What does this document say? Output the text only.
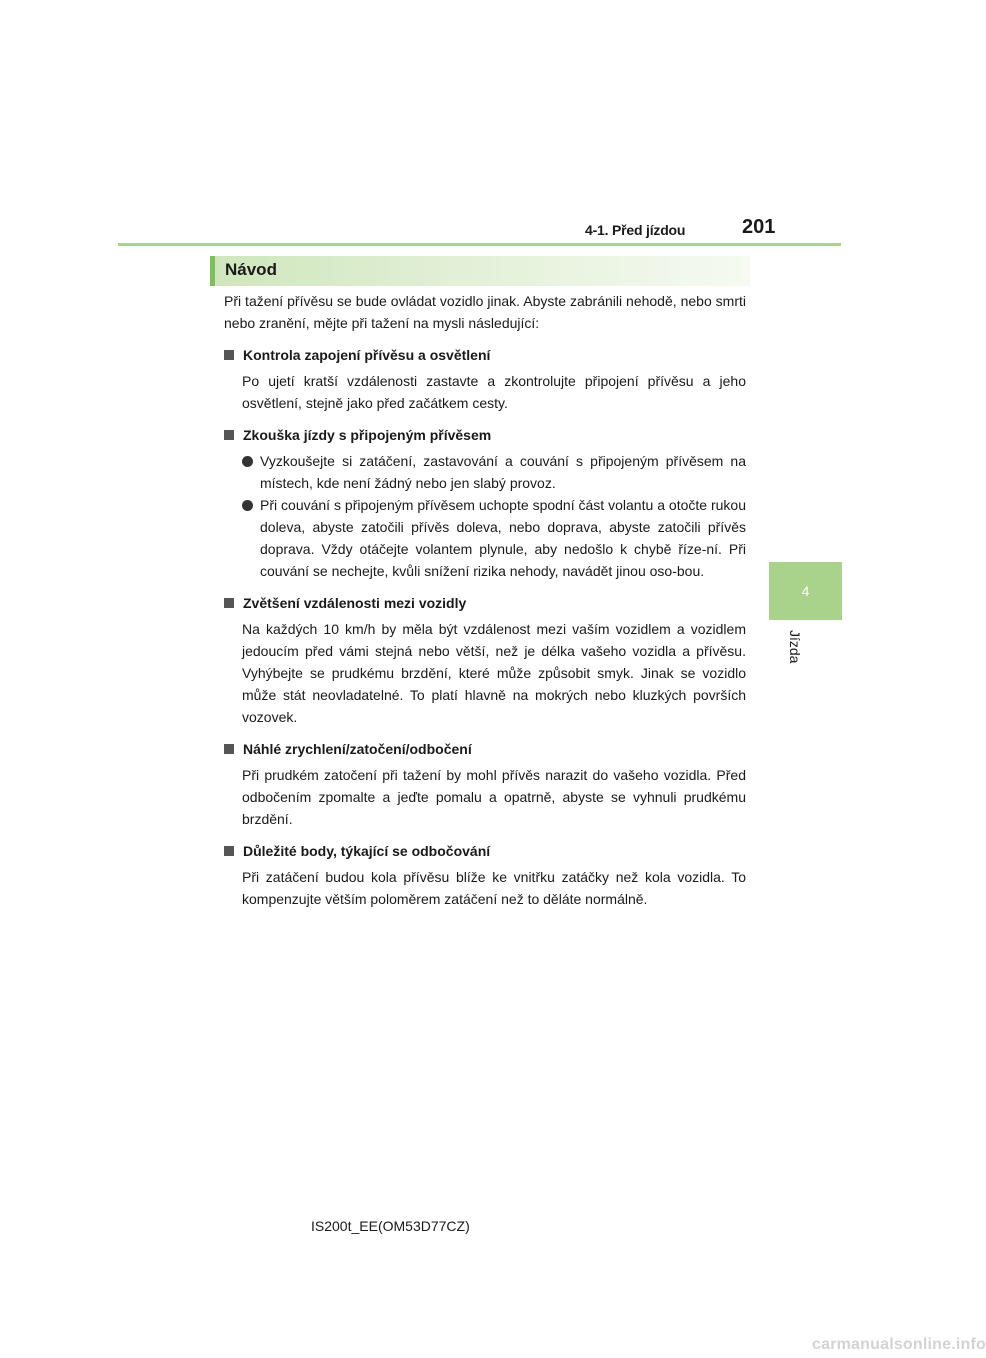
4-1. Před jízdou	201
4
Jízda
Návod

Při tažení přívěsu se bude ovládat vozidlo jinak. Abyste zabránili nehodě, nebo smrti nebo zranění, mějte při tažení na mysli následující:

Kontrola zapojení přívěsu a osvětlení

Po ujetí kratší vzdálenosti zastavte a zkontrolujte připojení přívěsu a jeho osvětlení, stejně jako před začátkem cesty.

Zkouška jízdy s připojeným přívěsem
Vyzkoušejte si zatáčení, zastavování a couvání s připojeným přívěsem na místech, kde není žádný nebo jen slabý provoz.
Při couvání s připojeným přívěsem uchopte spodní část volantu a otočte rukou doleva, abyste zatočili přívěs doleva, nebo doprava, abyste zatočili přívěs doprava. Vždy otáčejte volantem plynule, aby nedošlo k chybě říze-ní. Při couvání se nechejte, kvůli snížení rizika nehody, navádět jinou oso-bou.
Zvětšení vzdálenosti mezi vozidly

Na každých 10 km/h by měla být vzdálenost mezi vaším vozidlem a vozidlem jedoucím před vámi stejná nebo větší, než je délka vašeho vozidla a přívěsu. Vyhýbejte se prudkému brzdění, které může způsobit smyk. Jinak se vozidlo může stát neovladatelné. To platí hlavně na mokrých nebo kluzkých površích vozovek.

Náhlé zrychlení/zatočení/odbočení

Při prudkém zatočení při tažení by mohl přívěs narazit do vašeho vozidla. Před odbočením zpomalte a jeďte pomalu a opatrně, abyste se vyhnuli prudkému brzdění.

Důležité body, týkající se odbočování

Při zatáčení budou kola přívěsu blíže ke vnitřku zatáčky než kola vozidla. To kompenzujte větším poloměrem zatáčení než to děláte normálně.

IS200t_EE(OM53D77CZ)
carmanualsonline.info
